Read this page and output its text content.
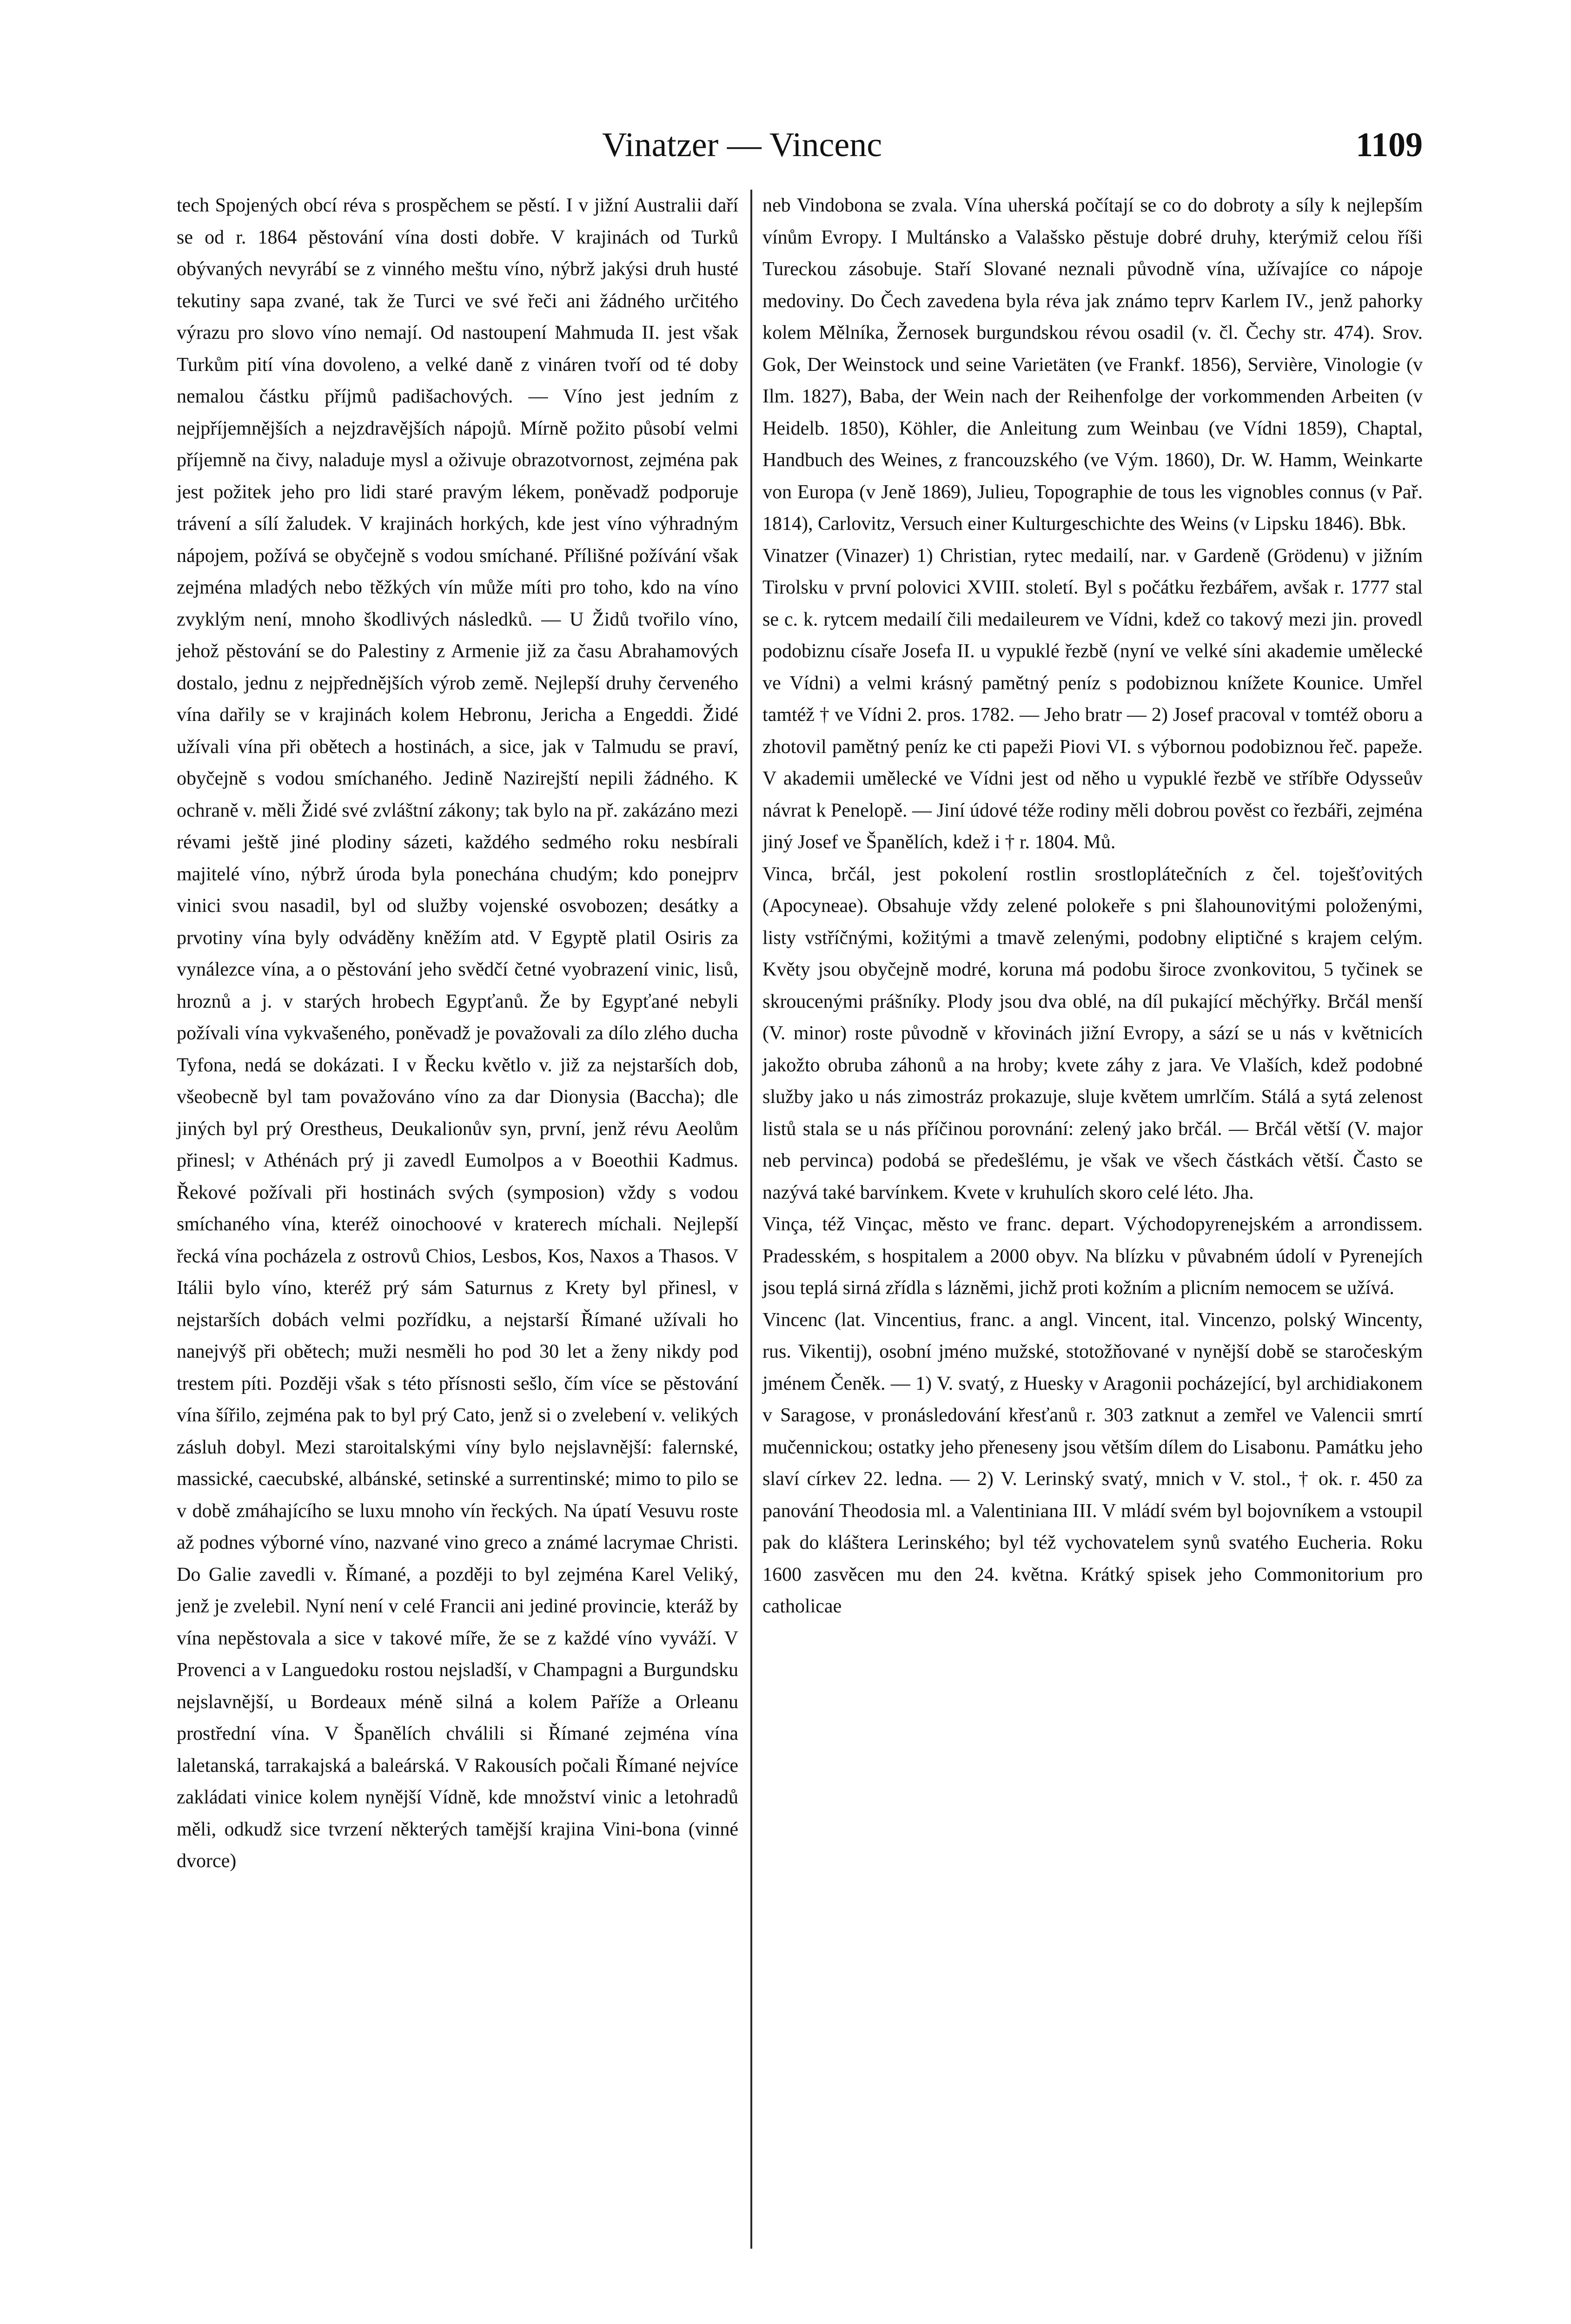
Vinatzer — Vincenc	1109

tech Spojených obcí réva s prospěchem se pěstí. I v jižní Australii daří se od r. 1864 pěstování vína dosti dobře. V krajinách od Turků obývaných nevyrábí se z vinného meštu víno, nýbrž jakýsi druh husté tekutiny sapa zvané, tak že Turci ve své řeči ani žádného určitého výrazu pro slovo víno nemají. Od nastoupení Mahmuda II. jest však Turkům pití vína dovoleno, a velké daně z vináren tvoří od té doby nemalou částku příjmů padišachových. — Víno jest jedním z nejpříjemnějších a nejzdravějších nápojů. Mírně požito působí velmi příjemně na čivy, naladuje mysl a oživuje obrazotvornost, zejména pak jest požitek jeho pro lidi staré pravým lékem, poněvadž podporuje trávení a sílí žaludek. V krajinách horkých, kde jest víno výhradným nápojem, požívá se obyčejně s vodou smíchané. Přílišné požívání však zejména mladých nebo těžkých vín může míti pro toho, kdo na víno zvyklým není, mnoho škodlivých následků. — U Židů tvořilo víno, jehož pěstování se do Palestiny z Armenie již za času Abrahamových dostalo, jednu z nejpřednějších výrob země. Nejlepší druhy červeného vína dařily se v krajinách kolem Hebronu, Jericha a Engeddi. Židé užívali vína při obětech a hostinách, a sice, jak v Talmudu se praví, obyčejně s vodou smíchaného. Jedině Nazirejští nepili žádného. K ochraně v. měli Židé své zvláštní zákony; tak bylo na př. zakázáno mezi révami ještě jiné plodiny sázeti, každého sedmého roku nesbírali majitelé víno, nýbrž úroda byla ponechána chudým; kdo ponejprv vinici svou nasadil, byl od služby vojenské osvobozen; desátky a prvotiny vína byly odváděny kněžím atd. V Egyptě platil Osiris za vynálezce vína, a o pěstování jeho svědčí četné vyobrazení vinic, lisů, hroznů a j. v starých hrobech Egypťanů. Že by Egypťané nebyli požívali vína vykvašeného, poněvadž je považovali za dílo zlého ducha Tyfona, nedá se dokázati. I v Řecku květlo v. již za nejstarších dob, všeobecně byl tam považováno víno za dar Dionysia (Baccha); dle jiných byl prý Orestheus, Deukalionův syn, první, jenž révu Aeolům přinesl; v Athénách prý ji zavedl Eumolpos a v Boeothii Kadmus. Řekové požívali při hostinách svých (symposion) vždy s vodou smíchaného vína, kteréž oinochoové v kraterech míchali. Nejlepší řecká vína pocházela z ostrovů Chios, Lesbos, Kos, Naxos a Thasos. V Itálii bylo víno, kteréž prý sám Saturnus z Krety byl přinesl, v nejstarších dobách velmi pozřídku, a nejstarší Římané užívali ho nanejvýš při obětech; muži nesměli ho pod 30 let a ženy nikdy pod trestem píti. Později však s této přísnosti sešlo, čím více se pěstování vína šířilo, zejména pak to byl prý Cato, jenž si o zvelebení v. velikých zásluh dobyl. Mezi staroitalskými víny bylo nejslavnější: falernské, massické, caecubské, albánské, setinské a surrentinské; mimo to pilo se v době zmáhajícího se luxu mnoho vín řeckých. Na úpatí Vesuvu roste až podnes výborné víno, nazvané vino greco a známé lacrymae Christi. Do Galie zavedli v. Římané, a později to byl zejména Karel Veliký, jenž je zvelebil. Nyní není v celé Francii ani jediné provincie, kteráž by vína nepěstovala a sice v takové míře, že se z každé víno vyváží. V Provenci a v Languedoku rostou nejsladší, v Champagni a Burgundsku nejslavnější, u Bordeaux méně silná a kolem Paříže a Orleanu prostřední vína. V Španělích chválili si Římané zejména vína laletanská, tarrakajská a baleárská. V Rakousích počali Římané nejvíce zakládati vinice kolem nynější Vídně, kde množství vinic a letohradů měli, odkudž sice tvrzení některých tamější krajina Vini-bona (vinné dvorce)

neb Vindobona se zvala. Vína uherská počítají se co do dobroty a síly k nejlepším vínům Evropy. I Multánsko a Valašsko pěstuje dobré druhy, kterýmiž celou říši Tureckou zásobuje. Staří Slované neznali původně vína, užívajíce co nápoje medoviny. Do Čech zavedena byla réva jak známo teprv Karlem IV., jenž pahorky kolem Mělníka, Žernosek burgundskou révou osadil (v. čl. Čechy str. 474). Srov. Gok, Der Weinstock und seine Varietäten (ve Frankf. 1856), Servière, Vinologie (v Ilm. 1827), Baba, der Wein nach der Reihenfolge der vorkommenden Arbeiten (v Heidelb. 1850), Köhler, die Anleitung zum Weinbau (ve Vídni 1859), Chaptal, Handbuch des Weines, z francouzského (ve Vým. 1860), Dr. W. Hamm, Weinkarte von Europa (v Jeně 1869), Julieu, Topographie de tous les vignobles connus (v Pař. 1814), Carlovitz, Versuch einer Kulturgeschichte des Weins (v Lipsku 1846). Bbk.

Vinatzer (Vinazer) 1) Christian, rytec medailí, nar. v Gardeně (Grödenu) v jižním Tirolsku v první polovici XVIII. století. Byl s počátku řezbářem, avšak r. 1777 stal se c. k. rytcem medailí čili medaileurem ve Vídni, kdež co takový mezi jin. provedl podobiznu císaře Josefa II. u vypuklé řezbě (nyní ve velké síni akademie umělecké ve Vídni) a velmi krásný pamětný peníz s podobiznou knížete Kounice. Umřel tamtéž † ve Vídni 2. pros. 1782. — Jeho bratr — 2) Josef pracoval v tomtéž oboru a zhotovil pamětný peníz ke cti papeži Piovi VI. s výbornou podobiznou řeč. papeže. V akademii umělecké ve Vídni jest od něho u vypuklé řezbě ve stříbře Odysseův návrat k Penelopě. — Jiní údové téže rodiny měli dobrou pověst co řezbáři, zejména jiný Josef ve Španělích, kdež i † r. 1804. Mů.

Vinca, brčál, jest pokolení rostlin srostloplátečních z čel. toješťovitých (Apocyneae). Obsahuje vždy zelené polokeře s pni šlahounovitými položenými, listy vstříčnými, kožitými a tmavě zelenými, podobny eliptičné s krajem celým. Květy jsou obyčejně modré, koruna má podobu široce zvonkovitou, 5 tyčinek se skroucenými prášníky. Plody jsou dva oblé, na díl pukající měchýřky. Brčál menší (V. minor) roste původně v křovinách jižní Evropy, a sází se u nás v květnicích jakožto obruba záhonů a na hroby; kvete záhy z jara. Ve Vlaších, kdež podobné služby jako u nás zimostráz prokazuje, sluje květem umrlčím. Stálá a sytá zelenost listů stala se u nás příčinou porovnání: zelený jako brčál. — Brčál větší (V. major neb pervinca) podobá se předešlému, je však ve všech částkách větší. Často se nazývá také barvínkem. Kvete v kruhulích skoro celé léto. Jha.

Vinça, též Vinçac, město ve franc. depart. Východopyrenejském a arrondissem. Pradesském, s hospitalem a 2000 obyv. Na blízku v půvabném údolí v Pyrenejích jsou teplá sirná zřídla s lázněmi, jichž proti kožním a plicním nemocem se užívá.

Vincenc (lat. Vincentius, franc. a angl. Vincent, ital. Vincenzo, polský Wincenty, rus. Vikentij), osobní jméno mužské, stotožňované v nynější době se staročeským jménem Čeněk. — 1) V. svatý, z Huesky v Aragonii pocházející, byl archidiakonem v Saragose, v pronásledování křesťanů r. 303 zatknut a zemřel ve Valencii smrtí mučennickou; ostatky jeho přeneseny jsou větším dílem do Lisabonu. Památku jeho slaví církev 22. ledna. — 2) V. Lerinský svatý, mnich v V. stol., † ok. r. 450 za panování Theodosia ml. a Valentiniana III. V mládí svém byl bojovníkem a vstoupil pak do kláštera Lerinského; byl též vychovatelem synů svatého Eucheria. Roku 1600 zasvěcen mu den 24. května. Krátký spisek jeho Commonitorium pro catholicae
